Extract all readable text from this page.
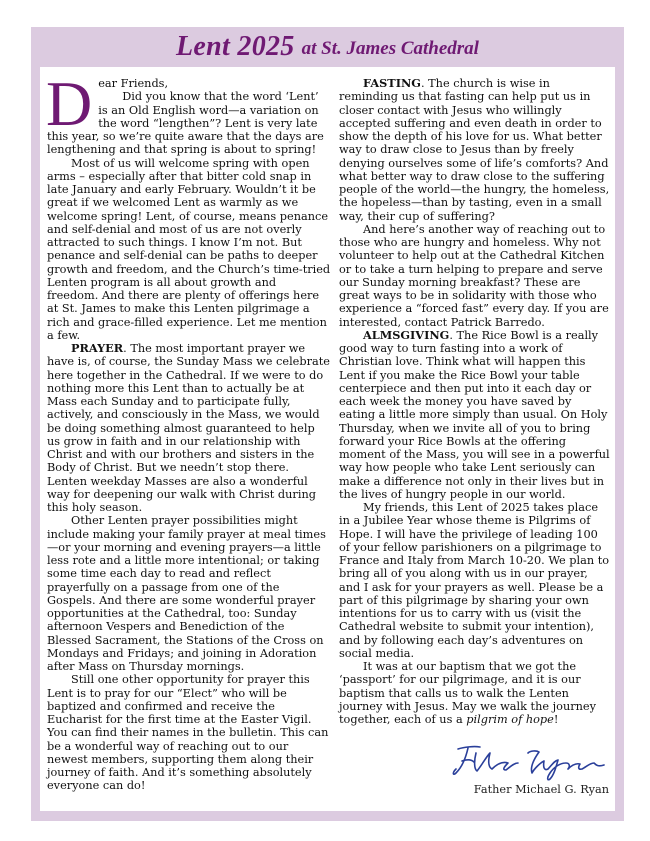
Lent 2025 at St. James Cathedral
D ear Friends,

Did you know that the word ‘Lent’ is an Old English word—a variation on the word “lengthen”? Lent is very late this year, so we’re quite aware that the days are lengthening and that spring is about to spring!

Most of us will welcome spring with open arms – especially after that bitter cold snap in late January and early February. Wouldn’t it be great if we welcomed Lent as warmly as we welcome spring! Lent, of course, means penance and self-denial and most of us are not overly attracted to such things. I know I’m not. But penance and self-denial can be paths to deeper growth and freedom, and the Church’s time-tried Lenten program is all about growth and freedom. And there are plenty of offerings here at St. James to make this Lenten pilgrimage a rich and grace-filled experience. Let me mention a few.

PRAYER. The most important prayer we have is, of course, the Sunday Mass we celebrate here together in the Cathedral. If we were to do nothing more this Lent than to actually be at Mass each Sunday and to participate fully, actively, and consciously in the Mass, we would be doing something almost guaranteed to help us grow in faith and in our relationship with Christ and with our brothers and sisters in the Body of Christ. But we needn’t stop there. Lenten weekday Masses are also a wonderful way for deepening our walk with Christ during this holy season.

Other Lenten prayer possibilities might include making your family prayer at meal times—or your morning and evening prayers—a little less rote and a little more intentional; or taking some time each day to read and reflect prayerfully on a passage from one of the Gospels. And there are some wonderful prayer opportunities at the Cathedral, too: Sunday afternoon Vespers and Benediction of the Blessed Sacrament, the Stations of the Cross on Mondays and Fridays; and joining in Adoration after Mass on Thursday mornings.

Still one other opportunity for prayer this Lent is to pray for our “Elect” who will be baptized and confirmed and receive the Eucharist for the first time at the Easter Vigil. You can find their names in the bulletin. This can be a wonderful way of reaching out to our newest members, supporting them along their journey of faith. And it’s something absolutely everyone can do!

FASTING. The church is wise in reminding us that fasting can help put us in closer contact with Jesus who willingly accepted suffering and even death in order to show the depth of his love for us. What better way to draw close to Jesus than by freely denying ourselves some of life’s comforts? And what better way to draw close to the suffering people of the world—the hungry, the homeless, the hopeless—than by tasting, even in a small way, their cup of suffering?

And here’s another way of reaching out to those who are hungry and homeless. Why not volunteer to help out at the Cathedral Kitchen or to take a turn helping to prepare and serve our Sunday morning breakfast? These are great ways to be in solidarity with those who experience a “forced fast” every day. If you are interested, contact Patrick Barredo.

ALMSGIVING. The Rice Bowl is a really good way to turn fasting into a work of Christian love. Think what will happen this Lent if you make the Rice Bowl your table centerpiece and then put into it each day or each week the money you have saved by eating a little more simply than usual. On Holy Thursday, when we invite all of you to bring forward your Rice Bowls at the offering moment of the Mass, you will see in a powerful way how people who take Lent seriously can make a difference not only in their lives but in the lives of hungry people in our world.

My friends, this Lent of 2025 takes place in a Jubilee Year whose theme is Pilgrims of Hope. I will have the privilege of leading 100 of your fellow parishioners on a pilgrimage to France and Italy from March 10-20. We plan to bring all of you along with us in our prayer, and I ask for your prayers as well. Please be a part of this pilgrimage by sharing your own intentions for us to carry with us (visit the Cathedral website to submit your intention), and by following each day’s adventures on social media.

It was at our baptism that we got the ‘passport’ for our pilgrimage, and it is our baptism that calls us to walk the Lenten journey with Jesus. May we walk the journey together, each of us a pilgrim of hope!

Father Michael G. Ryan
